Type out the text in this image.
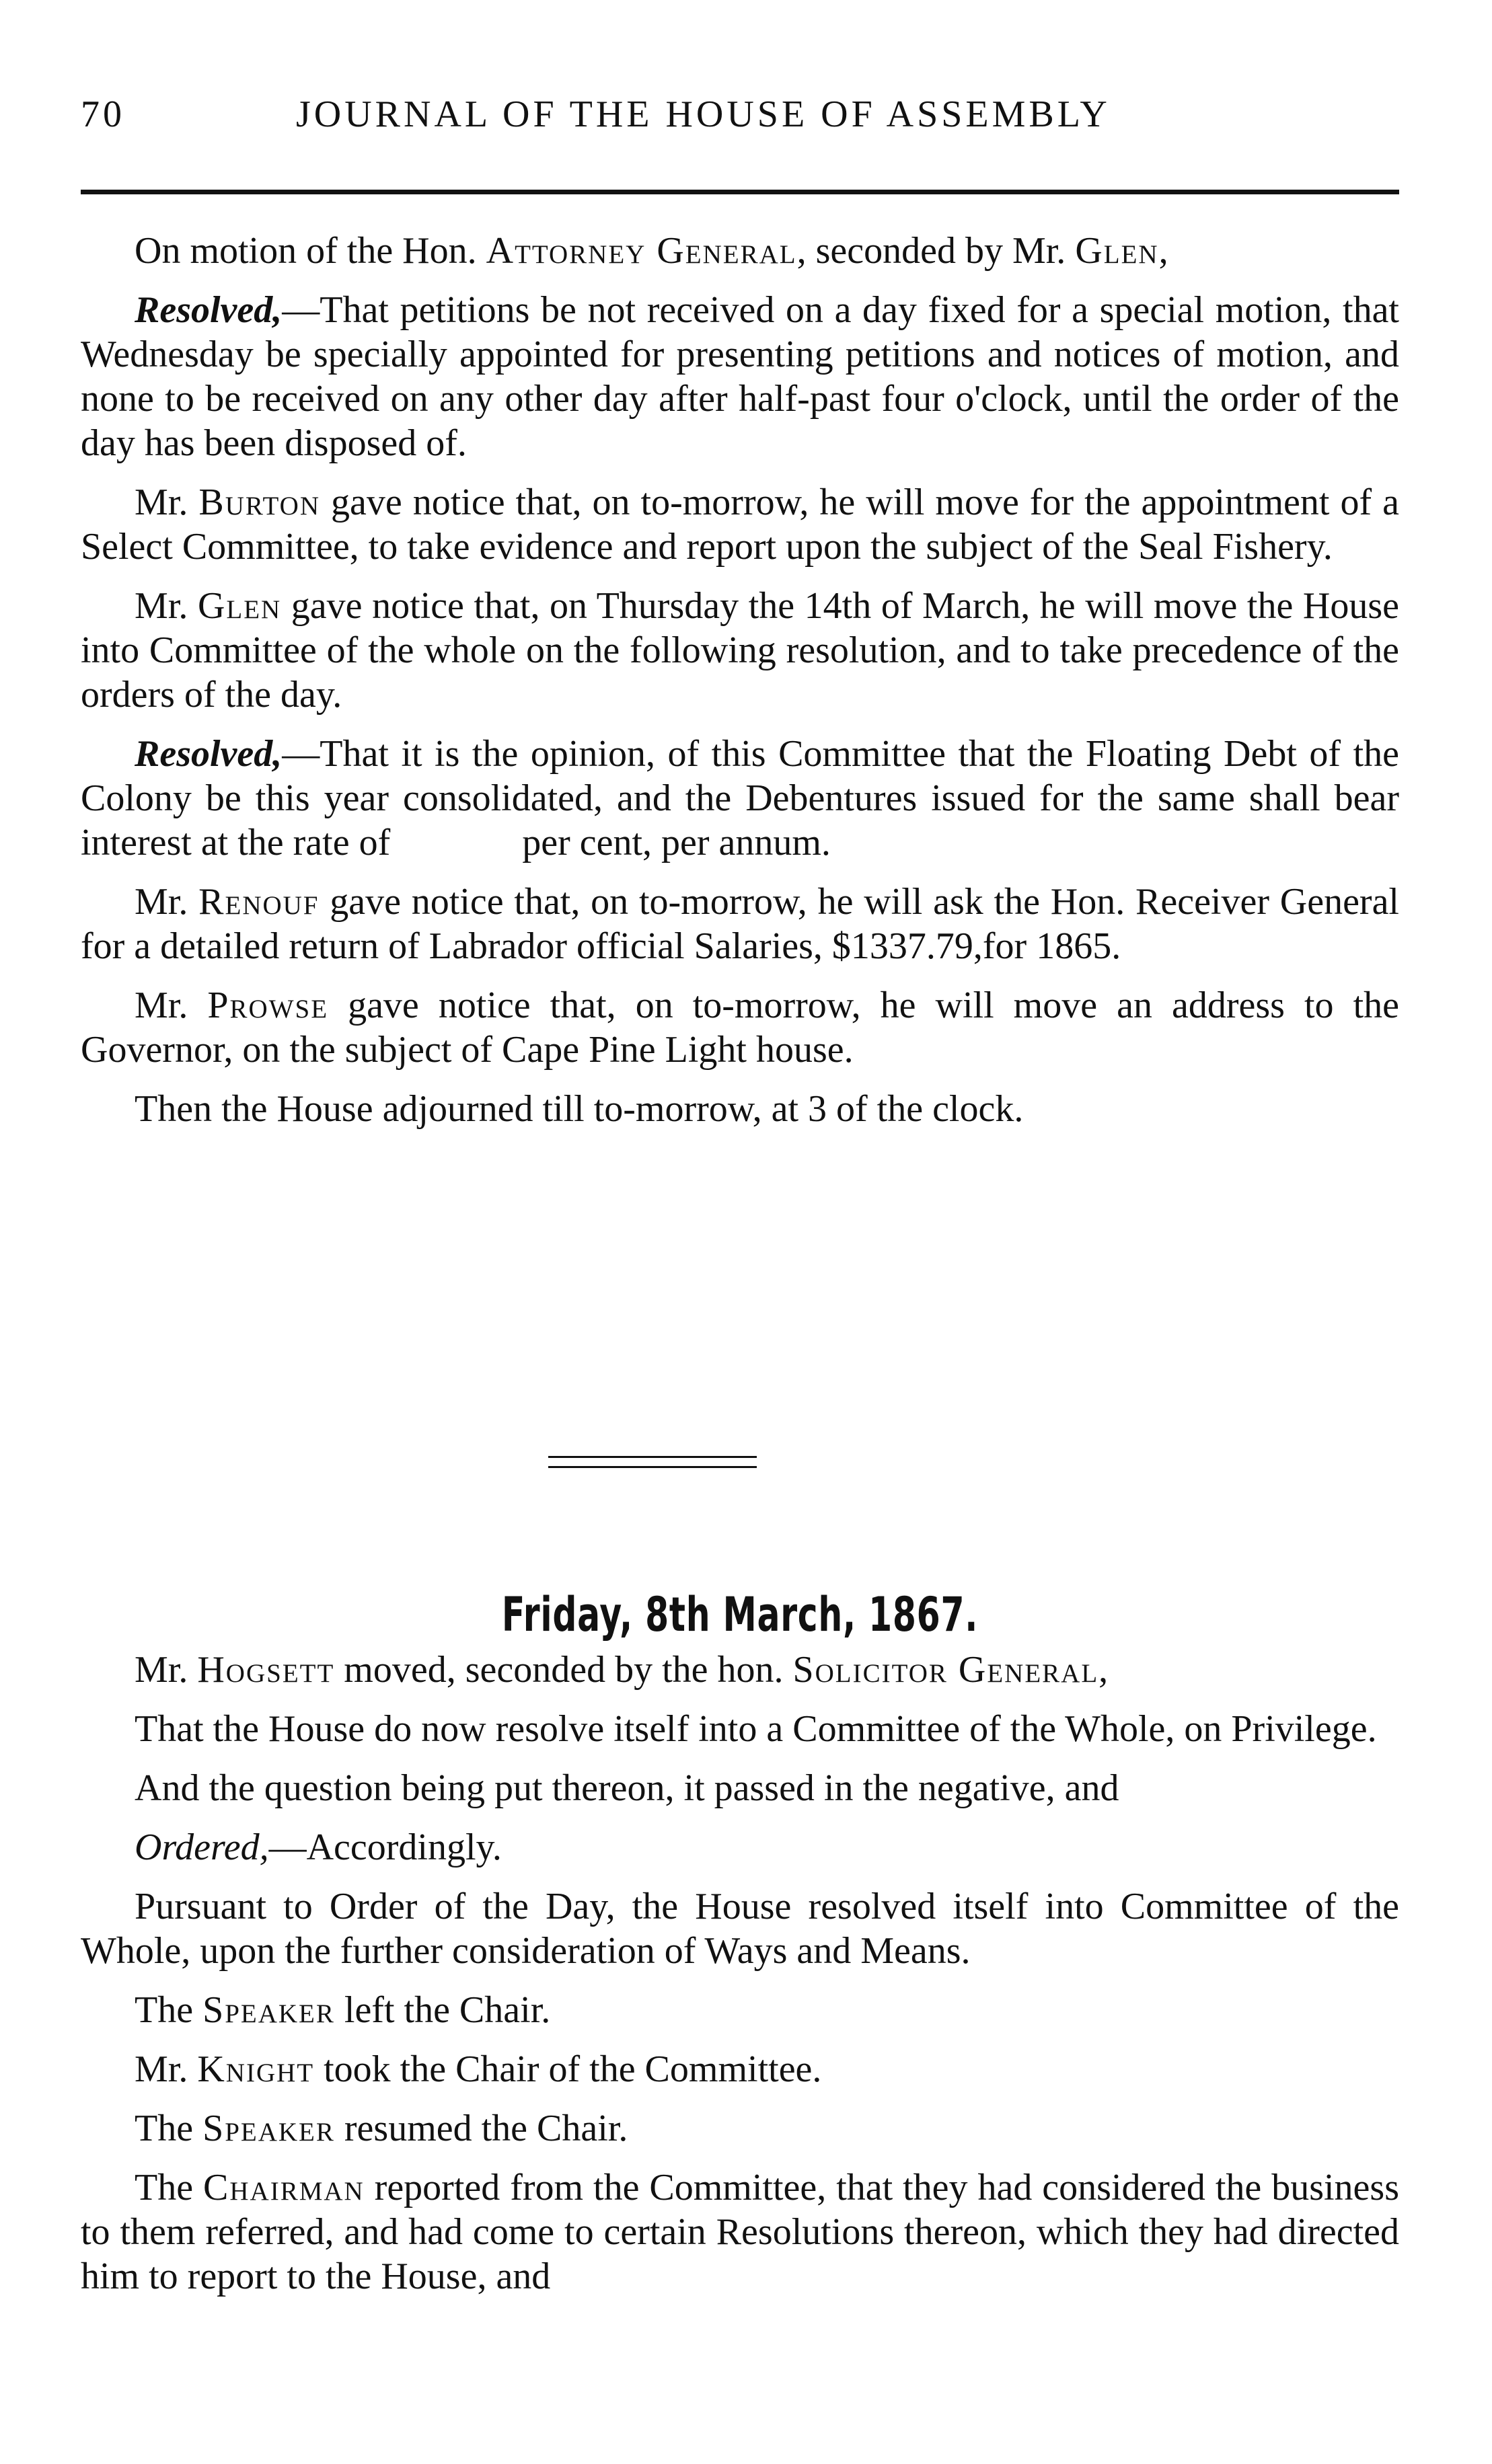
70	JOURNAL OF THE HOUSE OF ASSEMBLY

On motion of the Hon. Attorney General, seconded by Mr. Glen,

Resolved,—That petitions be not received on a day fixed for a special motion, that Wednesday be specially appointed for presenting petitions and notices of motion, and none to be received on any other day after half-past four o'clock, until the order of the day has been disposed of.

Mr. Burton gave notice that, on to-morrow, he will move for the appointment of a Select Committee, to take evidence and report upon the subject of the Seal Fishery.

Mr. Glen gave notice that, on Thursday the 14th of March, he will move the House into Committee of the whole on the following resolution, and to take precedence of the orders of the day.

Resolved,—That it is the opinion, of this Committee that the Floating Debt of the Colony be this year consolidated, and the Debentures issued for the same shall bear interest at the rate of     per cent, per annum.

Mr. Renouf gave notice that, on to-morrow, he will ask the Hon. Receiver General for a detailed return of Labrador official Salaries, $1337.79,for 1865.

Mr. Prowse gave notice that, on to-morrow, he will move an address to the Governor, on the subject of Cape Pine Light house.

Then the House adjourned till to-morrow, at 3 of the clock.

Friday, 8th March, 1867.

Mr. Hogsett moved, seconded by the hon. Solicitor General,

That the House do now resolve itself into a Committee of the Whole, on Privilege.

And the question being put thereon, it passed in the negative, and

Ordered,—Accordingly.

Pursuant to Order of the Day, the House resolved itself into Committee of the Whole, upon the further consideration of Ways and Means.

The Speaker left the Chair.

Mr. Knight took the Chair of the Committee.

The Speaker resumed the Chair.

The Chairman reported from the Committee, that they had considered the business to them referred, and had come to certain Resolutions thereon, which they had directed him to report to the House, and
